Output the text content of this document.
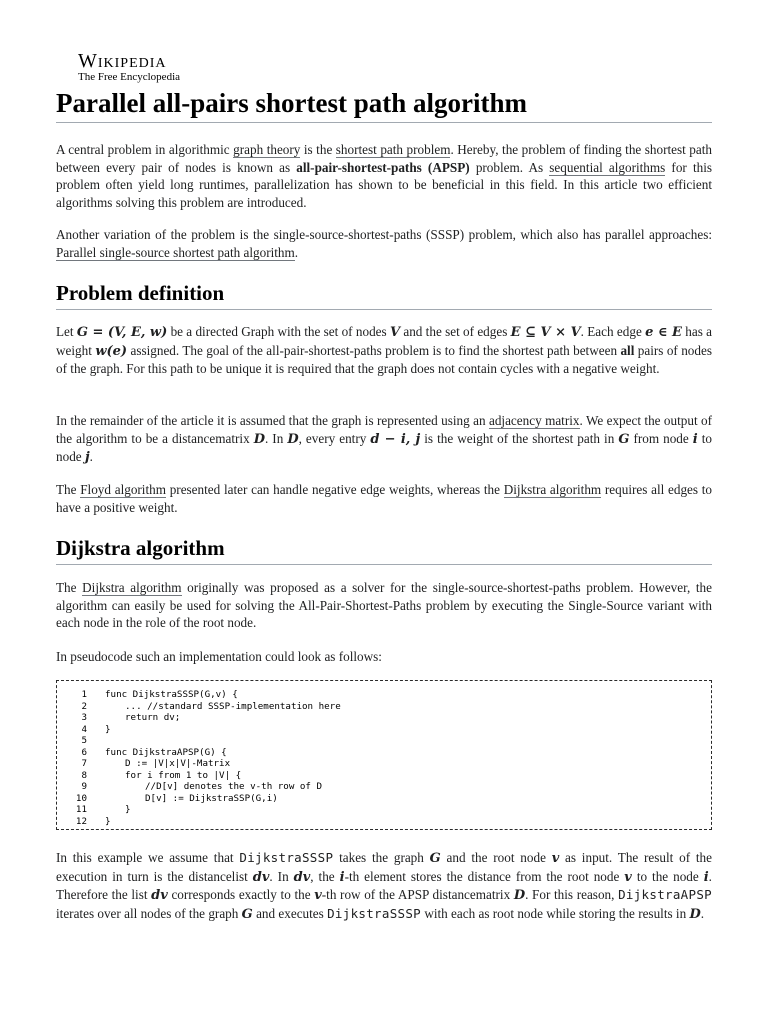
Wikipedia
The Free Encyclopedia
Parallel all-pairs shortest path algorithm

A central problem in algorithmic graph theory is the shortest path problem. Hereby, the problem of finding the shortest path between every pair of nodes is known as all-pair-shortest-paths (APSP) problem. As sequential algorithms for this problem often yield long runtimes, parallelization has shown to be beneficial in this field. In this article two efficient algorithms solving this problem are introduced.

Another variation of the problem is the single-source-shortest-paths (SSSP) problem, which also has parallel approaches: Parallel single-source shortest path algorithm.

Problem definition

Let G = (V, E, w) be a directed Graph with the set of nodes V and the set of edges E ⊆ V × V. Each edge e ∈ E has a weight w(e) assigned. The goal of the all-pair-shortest-paths problem is to find the shortest path between all pairs of nodes of the graph. For this path to be unique it is required that the graph does not contain cycles with a negative weight.

In the remainder of the article it is assumed that the graph is represented using an adjacency matrix. We expect the output of the algorithm to be a distancematrix D. In D, every entry d − i, j is the weight of the shortest path in G from node i to node j.

The Floyd algorithm presented later can handle negative edge weights, whereas the Dijkstra algorithm requires all edges to have a positive weight.

Dijkstra algorithm

The Dijkstra algorithm originally was proposed as a solver for the single-source-shortest-paths problem. However, the algorithm can easily be used for solving the All-Pair-Shortest-Paths problem by executing the Single-Source variant with each node in the role of the root node.

In pseudocode such an implementation could look as follows:

1 func DijkstraSSSP(G,v) {
2	... //standard SSSP-implementation here
3	return dv;
4 }
5
6 func DijkstraAPSP(G) {
7	D := |V|x|V|-Matrix
8	for i from 1 to |V| {
9	//D[v] denotes the v-th row of D
10	D[v] := DijkstraSSP(G,i)
11	}
12 }

In this example we assume that DijkstraSSSP takes the graph G and the root node v as input. The result of the execution in turn is the distancelist dv. In dv, the i-th element stores the distance from the root node v to the node i. Therefore the list dv corresponds exactly to the v-th row of the APSP distancematrix D. For this reason, DijkstraAPSP iterates over all nodes of the graph G and executes DijkstraSSSP with each as root node while storing the results in D.
